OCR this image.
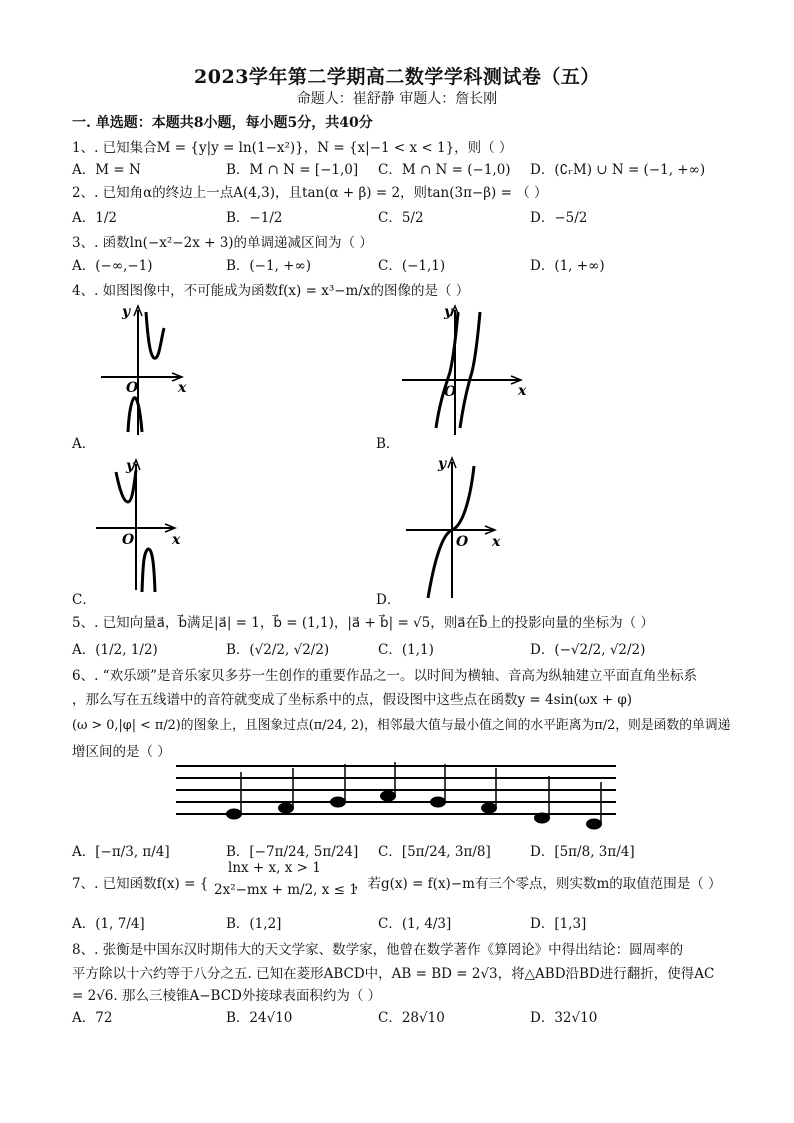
2023学年第二学期高二数学学科测试卷（五）
命题人：崔舒静 审题人：詹长刚
一. 单选题：本题共8小题，每小题5分，共40分
1、. 已知集合M = {y|y = ln(1−x²)}，N = {x|−1 < x < 1}，则（ ）
A．M = N	B．M ∩ N = [−1,0] C．M ∩ N = (−1,0) D．(∁ᵣM) ∪ N = (−1, +∞)
2、. 已知角α的终边上一点A(4,3)，且tan(α + β) = 2，则tan(3π−β) = （ ）
A．1/2	B．−1/2	C．5/2	D．−5/2
3、. 函数ln(−x²−2x + 3)的单调递减区间为（ ）
A．(−∞,−1)	B．(−1, +∞)	C．(−1,1)	D．(1, +∞)
4、. 如图图像中，不可能成为函数f(x) = x³−m/x的图像的是（ ）
y
x
O
A．
y
x
O
B．
y
x
O
C．
y
x
O
D．
5、. 已知向量a⃗，b⃗满足|a⃗| = 1，b⃗ = (1,1)，|a⃗ + b⃗| = √5，则a⃗在b⃗上的投影向量的坐标为（ ）
A．(1/2, 1/2)	B．(√2/2, √2/2)	C．(1,1)	D．(−√2/2, √2/2)
6、. “欢乐颂”是音乐家贝多芬一生创作的重要作品之一。以时间为横轴、音高为纵轴建立平面直角坐标系
，那么写在五线谱中的音符就变成了坐标系中的点，假设图中这些点在函数y = 4sin(ωx + φ)
(ω > 0,|φ| < π/2)的图象上，且图象过点(π/24, 2)，相邻最大值与最小值之间的水平距离为π/2，则是函数的单调递
增区间的是（ ）
A．[−π/3, π/4]	B．[−7π/24, 5π/24] C．[5π/24, 3π/8]	D．[5π/8, 3π/4]
lnx + x, x > 1
2x²−mx + m/2, x ≤ 1
7、. 已知函数f(x) = {	，若g(x) = f(x)−m有三个零点，则实数m的取值范围是（ ）
A．(1, 7/4]	B．(1,2]	C．(1, 4/3]	D．[1,3]
8、. 张衡是中国东汉时期伟大的天文学家、数学家，他曾在数学著作《算罔论》中得出结论：圆周率的
平方除以十六约等于八分之五. 已知在菱形ABCD中，AB = BD = 2√3，将△ABD沿BD进行翻折，使得AC
= 2√6. 那么三棱锥A−BCD外接球表面积约为（ ）
A．72	B．24√10	C．28√10	D．32√10
